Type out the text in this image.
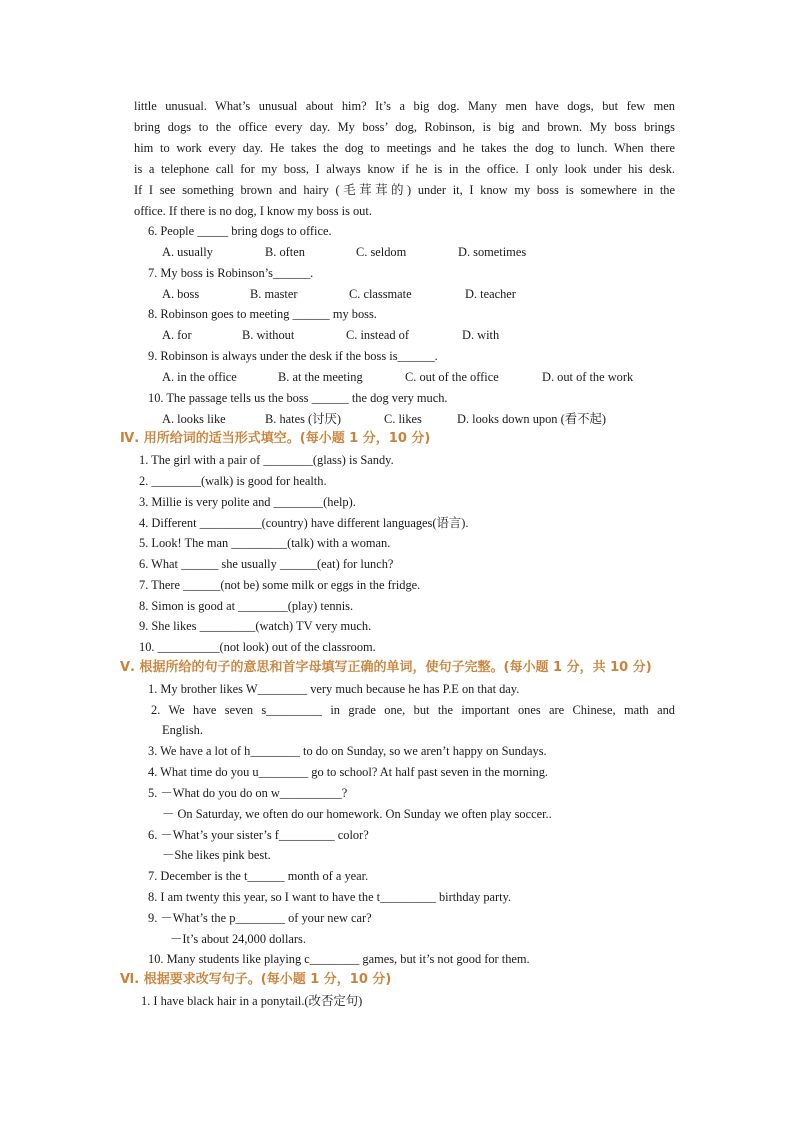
little unusual. What’s unusual about him? It’s a big dog. Many men have dogs, but few men
bring dogs to the office every day. My boss’ dog, Robinson, is big and brown. My boss brings
him to work every day. He takes the dog to meetings and he takes the dog to lunch. When there
is a telephone call for my boss, I always know if he is in the office. I only look under his desk.
If I see something brown and hairy (毛茸茸的) under it, I know my boss is somewhere in the
office. If there is no dog, I know my boss is out.
6. People _____ bring dogs to office.
A. usually	B. often	C. seldom	D. sometimes
7. My boss is Robinson’s______.
A. boss	B. master	C. classmate	D. teacher
8. Robinson goes to meeting ______ my boss.
A. for	B. without	C. instead of	D. with
9. Robinson is always under the desk if the boss is______.
A. in the office	B. at the meeting	C. out of the office	D. out of the work
10. The passage tells us the boss ______ the dog very much.
A. looks like	B. hates (讨厌)	C. likes	D. looks down upon (看不起)
Ⅳ. 用所给词的适当形式填空。(每小题 1 分，10 分)
1. The girl with a pair of ________(glass) is Sandy.
2. ________(walk) is good for health.
3. Millie is very polite and ________(help).
4. Different __________(country) have different languages(语言).
5. Look! The man _________(talk) with a woman.
6. What ______ she usually ______(eat) for lunch?
7. There ______(not be) some milk or eggs in the fridge.
8. Simon is good at ________(play) tennis.
9. She likes _________(watch) TV very much.
10. __________(not look) out of the classroom.
Ⅴ. 根据所给的句子的意思和首字母填写正确的单词，使句子完整。(每小题 1 分，共 10 分)
1. My brother likes W________ very much because he has P.E on that day.
2. We have seven s_________ in grade one, but the important ones are Chinese, math and
English.
3. We have a lot of h________ to do on Sunday, so we aren’t happy on Sundays.
4. What time do you u________ go to school? At half past seven in the morning.
5. －What do you do on w__________?
－ On Saturday, we often do our homework. On Sunday we often play soccer..
6. －What’s your sister’s f_________ color?
－She likes pink best.
7. December is the t______ month of a year.
8. I am twenty this year, so I want to have the t_________ birthday party.
9. －What’s the p________ of your new car?
－It’s about 24,000 dollars.
10. Many students like playing c________ games, but it’s not good for them.
Ⅵ. 根据要求改写句子。(每小题 1 分，10 分)
1. I have black hair in a ponytail.(改否定句)
